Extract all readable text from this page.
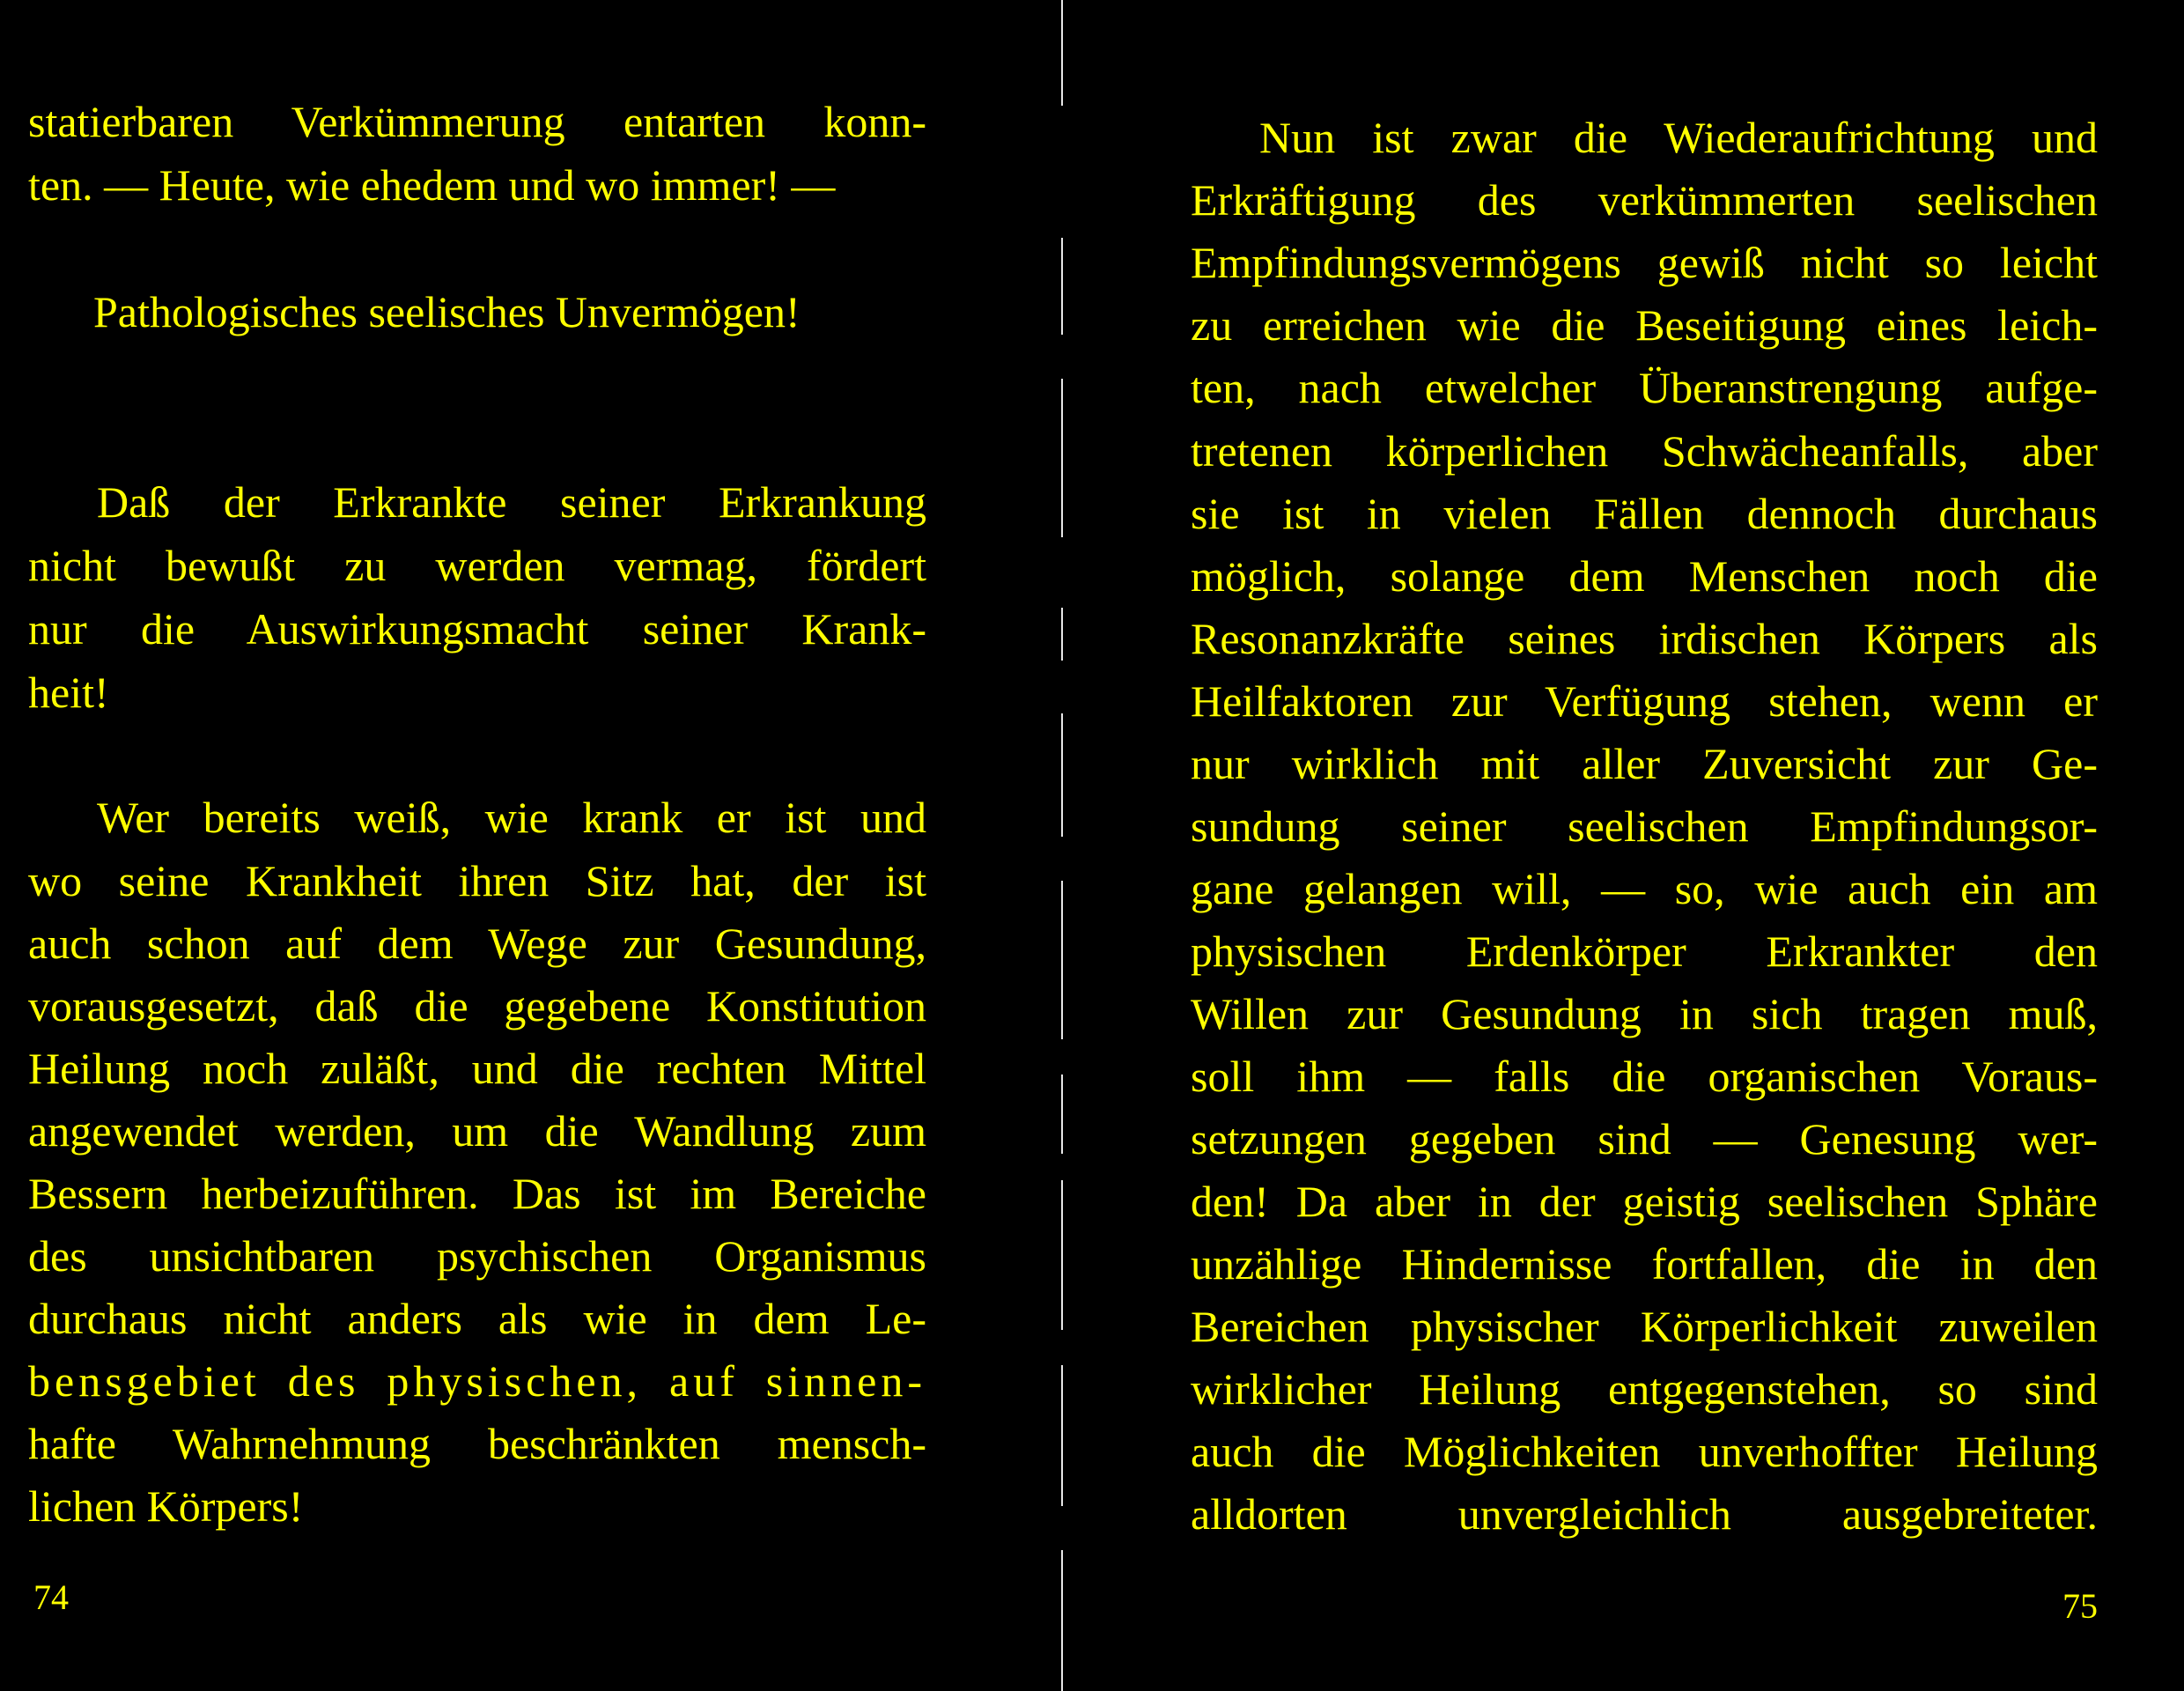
statierbaren Verkümmerung entarten konn-
ten. — Heute, wie ehedem und wo immer! —
Pathologisches seelisches Unvermögen!
Daß der Erkrankte seiner Erkrankung
nicht bewußt zu werden vermag, fördert
nur die Auswirkungsmacht seiner Krank-
heit!
Wer bereits weiß, wie krank er ist und
wo seine Krankheit ihren Sitz hat, der ist
auch schon auf dem Wege zur Gesundung,
vorausgesetzt, daß die gegebene Konstitution
Heilung noch zuläßt, und die rechten Mittel
angewendet werden, um die Wandlung zum
Bessern herbeizuführen. Das ist im Bereiche
des unsichtbaren psychischen Organismus
durchaus nicht anders als wie in dem Le-
bensgebiet des physischen, auf sinnen-
hafte Wahrnehmung beschränkten mensch-
lichen Körpers!
74
Nun ist zwar die Wiederaufrichtung und
Erkräftigung des verkümmerten seelischen
Empfindungsvermögens gewiß nicht so leicht
zu erreichen wie die Beseitigung eines leich-
ten, nach etwelcher Überanstrengung aufge-
tretenen körperlichen Schwächeanfalls, aber
sie ist in vielen Fällen dennoch durchaus
möglich, solange dem Menschen noch die
Resonanzkräfte seines irdischen Körpers als
Heilfaktoren zur Verfügung stehen, wenn er
nur wirklich mit aller Zuversicht zur Ge-
sundung seiner seelischen Empfindungsor-
gane gelangen will, — so, wie auch ein am
physischen Erdenkörper Erkrankter den
Willen zur Gesundung in sich tragen muß,
soll ihm — falls die organischen Voraus-
setzungen gegeben sind — Genesung wer-
den! Da aber in der geistig seelischen Sphäre
unzählige Hindernisse fortfallen, die in den
Bereichen physischer Körperlichkeit zuweilen
wirklicher Heilung entgegenstehen, so sind
auch die Möglichkeiten unverhoffter Heilung
alldorten unvergleichlich ausgebreiteter.
75
